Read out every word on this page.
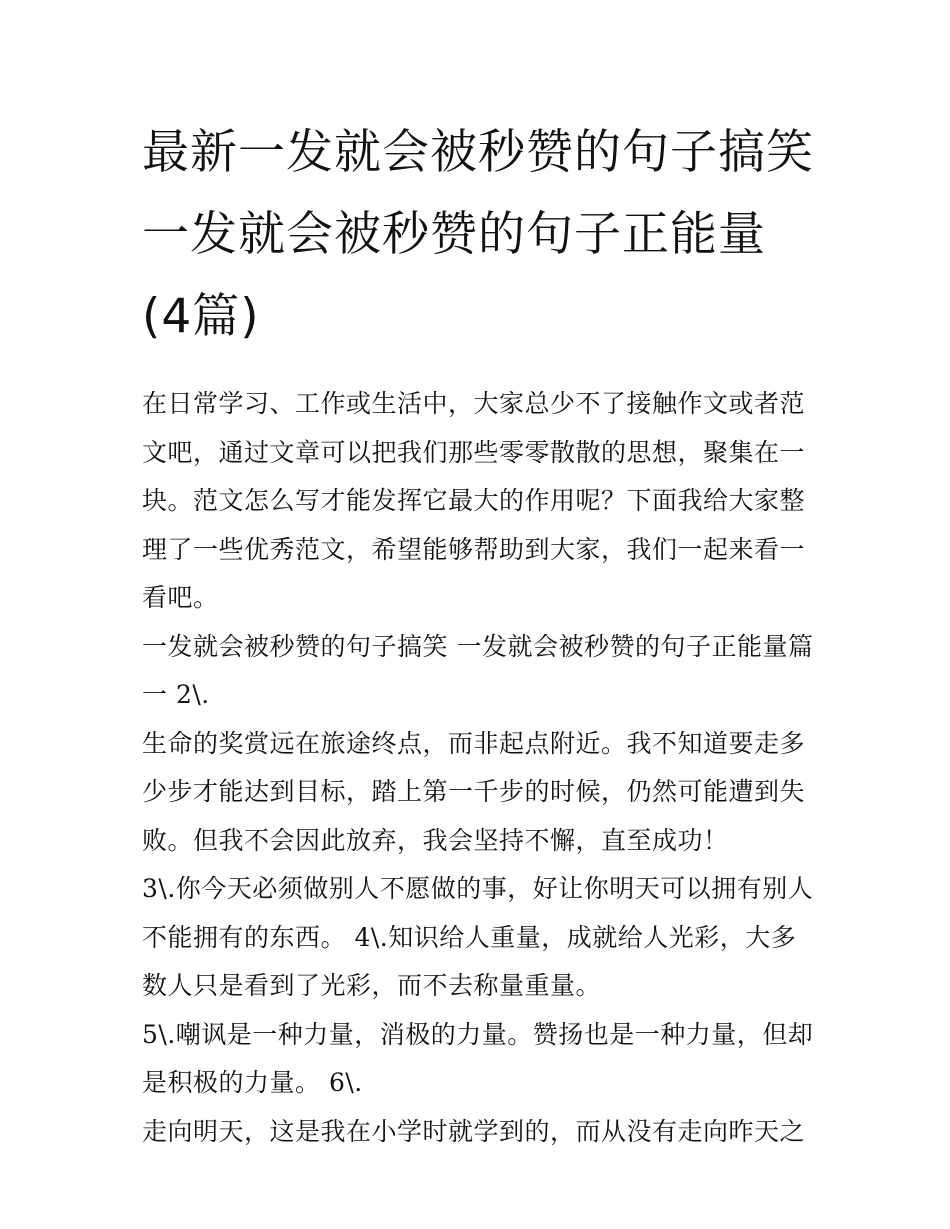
最新一发就会被秒赞的句子搞笑 一发就会被秒赞的句子正能量(4篇)

在日常学习、工作或生活中，大家总少不了接触作文或者范文吧，通过文章可以把我们那些零零散散的思想，聚集在一块。范文怎么写才能发挥它最大的作用呢？下面我给大家整理了一些优秀范文，希望能够帮助到大家，我们一起来看一看吧。

一发就会被秒赞的句子搞笑 一发就会被秒赞的句子正能量篇一 2\.

生命的奖赏远在旅途终点，而非起点附近。我不知道要走多少步才能达到目标，踏上第一千步的时候，仍然可能遭到失败。但我不会因此放弃，我会坚持不懈，直至成功！

3\.你今天必须做别人不愿做的事，好让你明天可以拥有别人不能拥有的东西。 4\.知识给人重量，成就给人光彩，大多数人只是看到了光彩，而不去称量重量。

5\.嘲讽是一种力量，消极的力量。赞扬也是一种力量，但却是积极的力量。 6\.

走向明天，这是我在小学时就学到的，而从没有走向昨天之
